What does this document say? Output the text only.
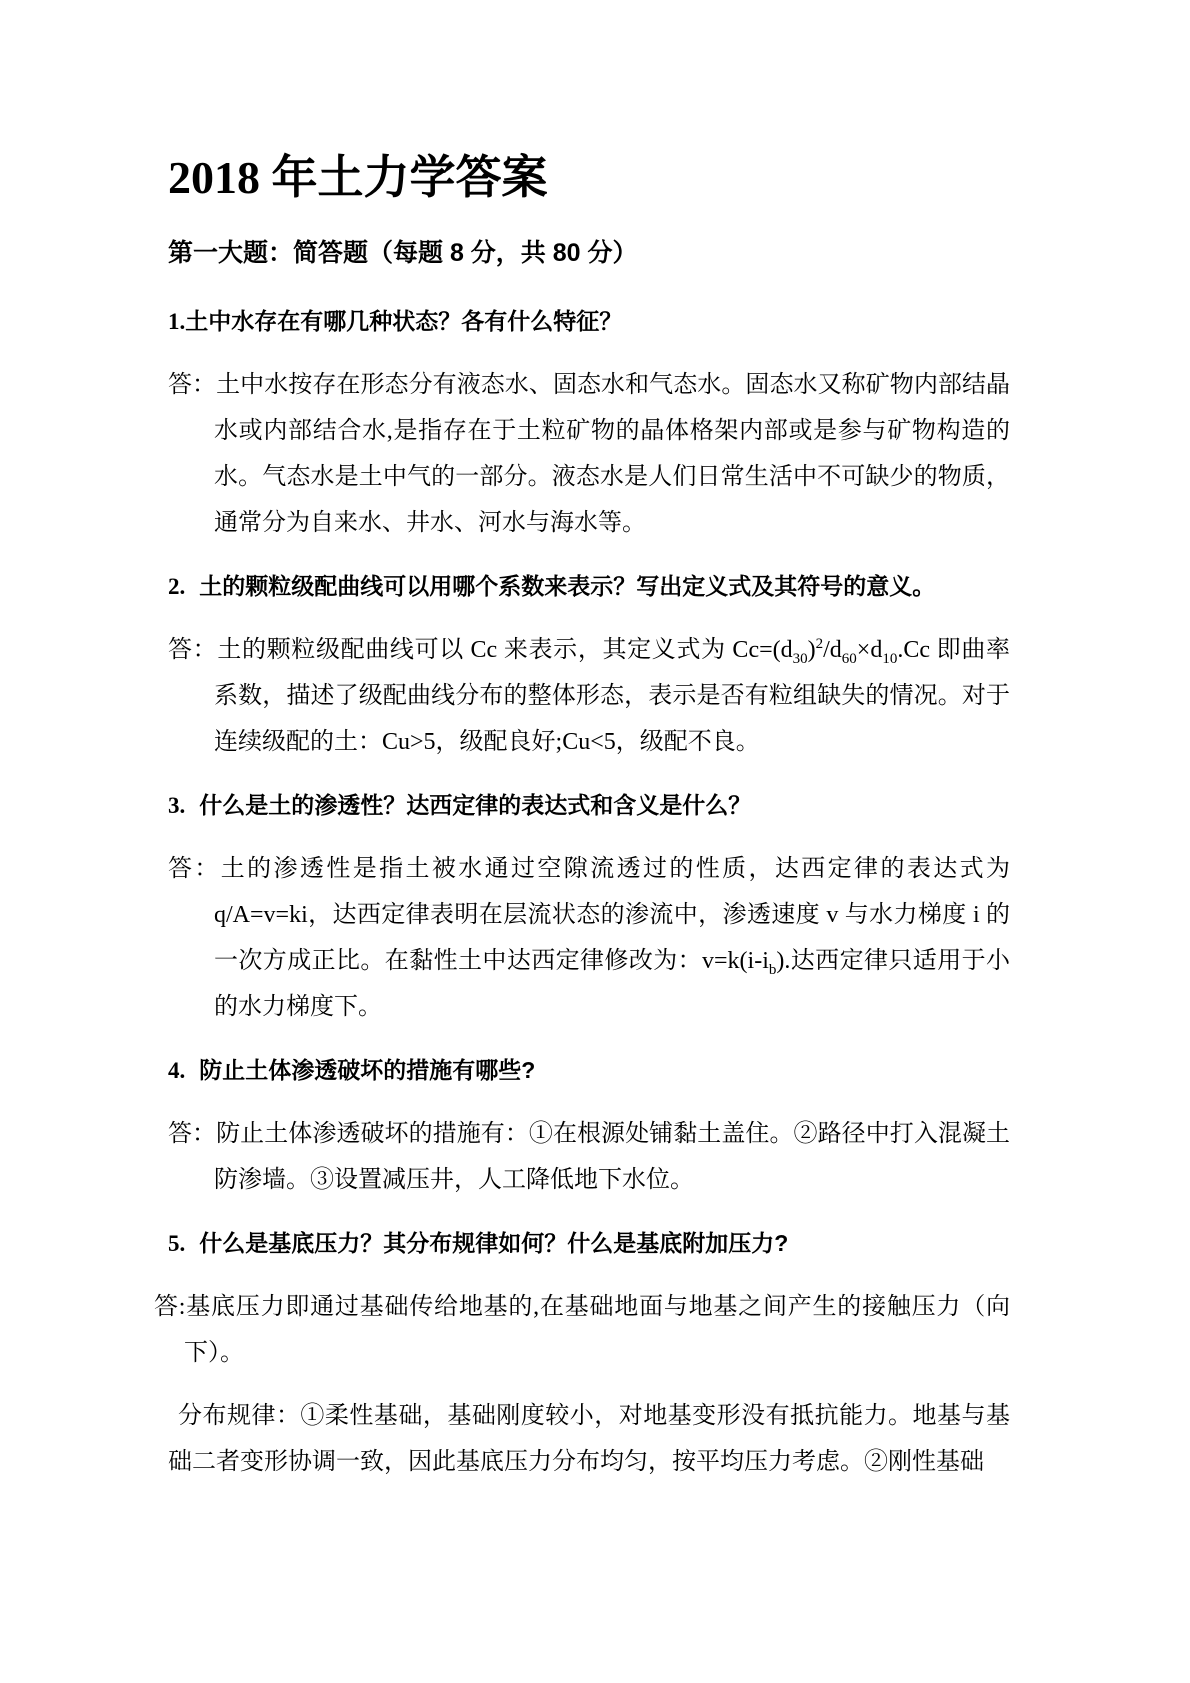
2018 年土力学答案

第一大题：简答题（每题 8 分，共 80 分）

1.土中水存在有哪几种状态？各有什么特征？

答：土中水按存在形态分有液态水、固态水和气态水。固态水又称矿物内部结晶水或内部结合水,是指存在于土粒矿物的晶体格架内部或是参与矿物构造的水。气态水是土中气的一部分。液态水是人们日常生活中不可缺少的物质，通常分为自来水、井水、河水与海水等。

2. 土的颗粒级配曲线可以用哪个系数来表示？写出定义式及其符号的意义。

答：土的颗粒级配曲线可以 Cc 来表示，其定义式为 $Cc=(d_{30})^2/d_{60}\times d_{10}.Cc$ 即曲率系数，描述了级配曲线分布的整体形态，表示是否有粒组缺失的情况。对于连续级配的土：Cu>5，级配良好;Cu<5，级配不良。

3. 什么是土的渗透性？达西定律的表达式和含义是什么？

答：土的渗透性是指土被水通过空隙流透过的性质，达西定律的表达式为 q/A=v=ki，达西定律表明在层流状态的渗流中，渗透速度 v 与水力梯度 i 的一次方成正比。在黏性土中达西定律修改为：$v=k(i-i_b)$.达西定律只适用于小的水力梯度下。

4. 防止土体渗透破坏的措施有哪些?

答：防止土体渗透破坏的措施有：①在根源处铺黏土盖住。②路径中打入混凝土防渗墙。③设置减压井，人工降低地下水位。

5. 什么是基底压力？其分布规律如何？什么是基底附加压力?

答:基底压力即通过基础传给地基的,在基础地面与地基之间产生的接触压力（向下）。

分布规律：①柔性基础，基础刚度较小，对地基变形没有抵抗能力。地基与基础二者变形协调一致，因此基底压力分布均匀，按平均压力考虑。②刚性基础
